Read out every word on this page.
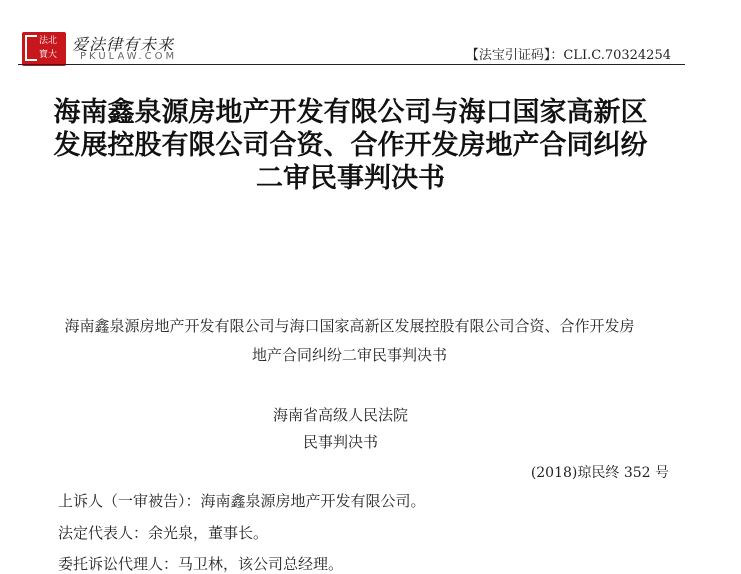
法北
寶大
爱法律有未来
PKULAW.COM	【法宝引证码】：CLI.C.70324254
海南鑫泉源房地产开发有限公司与海口国家高新区
发展控股有限公司合资、合作开发房地产合同纠纷
二审民事判决书
海南鑫泉源房地产开发有限公司与海口国家高新区发展控股有限公司合资、合作开发房
地产合同纠纷二审民事判决书
海南省高级人民法院
民事判决书
(2018)琼民终 352 号
上诉人（一审被告）：海南鑫泉源房地产开发有限公司。
法定代表人：余光泉，董事长。
委托诉讼代理人：马卫林，该公司总经理。
